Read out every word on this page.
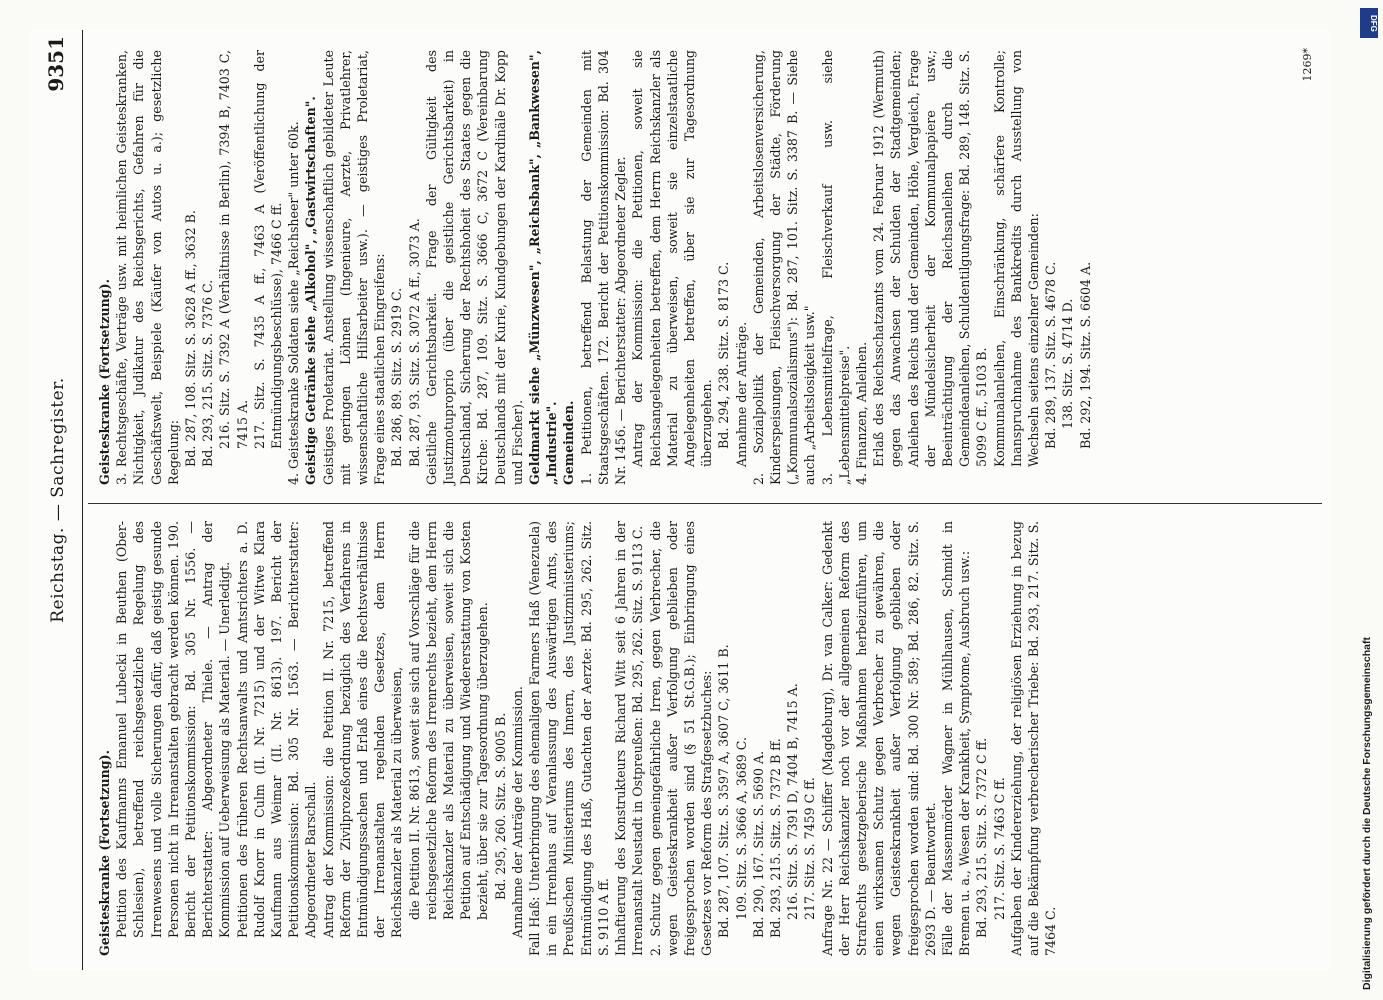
Reichstag. — Sachregister.
9351

Geisteskranke (Fortsetzung). Petition des Kaufmanns Emanuel Lubecki in Beuthen (Ober-Schlesien), betreffend reichsgesetzliche Regelung des Irrenwesens und volle Sicherungen dafür, daß geistig gesunde Personen nicht in Irrenanstalten gebracht werden können. 190. Bericht der Petitionskommission: Bd. 305 Nr. 1556. — Berichterstatter: Abgeordneter Thiele. — Antrag der Kommission auf Ueberweisung als Material. — Unerledigt. Petitionen des früheren Rechtsanwalts und Amtsrichters a. D. Rudolf Knorr in Culm (II. Nr. 7215) und der Witwe Klara Kaufmann aus Weimar (II. Nr. 8613). 197. Bericht der Petitionskommission: Bd. 305 Nr. 1563. — Berichterstatter: Abgeordneter Barschall. Antrag der Kommission: die Petition II. Nr. 7215, betreffend Reform der Zivilprozeßordnung bezüglich des Verfahrens in Entmündigungssachen und Erlaß eines die Rechtsverhältnisse der Irrenanstalten regelnden Gesetzes, dem Herrn Reichskanzler als Material zu überweisen, die Petition II. Nr. 8613, soweit sie sich auf Vorschläge für die reichsgesetzliche Reform des Irrenrechts bezieht, dem Herrn Reichskanzler als Material zu überweisen, soweit sich die Petition auf Entschädigung und Wiedererstattung von Kosten bezieht, über sie zur Tagesordnung überzugehen. Bd. 295, 260. Sitz. S. 9005 B. Annahme der Anträge der Kommission. Fall Haß: Unterbringung des ehemaligen Farmers Haß (Venezuela) in ein Irrenhaus auf Veranlassung des Auswärtigen Amts, des Preußischen Ministeriums des Innern, des Justizministeriums; Entmündigung des Haß, Gutachten der Aerzte: Bd. 295, 262. Sitz. S. 9110 A ff. Inhaftierung des Konstrukteurs Richard Witt seit 6 Jahren in der Irrenanstalt Neustadt in Ostpreußen: Bd. 295, 262. Sitz. S. 9113 C. 2. Schutz gegen gemeingefährliche Irren, gegen Verbrecher, die wegen Geisteskrankheit außer Verfolgung geblieben oder freigesprochen worden sind (§ 51 St.G.B.); Einbringung eines Gesetzes vor Reform des Strafgesetzbuches: Bd. 287, 107. Sitz. S. 3597 A, 3607 C, 3611 B. 109. Sitz. S. 3666 A, 3689 C. Bd. 290, 167. Sitz. S. 5690 A. Bd. 293, 215. Sitz. S. 7372 B ff. 216. Sitz. S. 7391 D, 7404 B, 7415 A. 217. Sitz. S. 7459 C ff. Anfrage Nr. 22 — Schiffer (Magdeburg), Dr. van Calker: Gedenkt der Herr Reichskanzler noch vor der allgemeinen Reform des Strafrechts gesetzgeberische Maßnahmen herbeizuführen, um einen wirksamen Schutz gegen Verbrecher zu gewähren, die wegen Geisteskrankheit außer Verfolgung geblieben oder freigesprochen worden sind: Bd. 300 Nr. 589; Bd. 286, 82. Sitz. S. 2693 D. — Beantwortet. Fälle der Massenmörder Wagner in Mühlhausen, Schmidt in Bremen u. a., Wesen der Krankheit, Symptome, Ausbruch usw.: Bd. 293, 215. Sitz. S. 7372 C ff. 217. Sitz. S. 7463 C ff. Aufgaben der Kindererziehung, der religiösen Erziehung in bezug auf die Bekämpfung verbrecherischer Triebe: Bd. 293, 217. Sitz. S. 7464 C.

Geisteskranke (Fortsetzung). 3. Rechtsgeschäfte, Verträge usw. mit heimlichen Geisteskranken, Nichtigkeit, Judikatur des Reichsgerichts, Gefahren für die Geschäftswelt, Beispiele (Käufer von Autos u. a.); gesetzliche Regelung: Bd. 287, 108. Sitz. S. 3628 A ff., 3632 B. Bd. 293, 215. Sitz. S. 7376 C. 216. Sitz. S. 7392 A (Verhältnisse in Berlin), 7394 B, 7403 C, 7415 A. 217. Sitz. S. 7435 A ff., 7463 A (Veröffentlichung der Entmündigungsbeschlüsse), 7466 C ff. 4. Geisteskranke Soldaten siehe „Reichsheer" unter 60k. Geistige Getränke siehe „Alkohol", „Gastwirtschaften". Geistiges Proletariat. Anstellung wissenschaftlich gebildeter Leute mit geringen Löhnen (Ingenieure, Aerzte, Privatlehrer, wissenschaftliche Hilfsarbeiter usw.). — geistiges Proletariat, Frage eines staatlichen Eingreifens: Bd. 286, 89. Sitz. S. 2919 C. Bd. 287, 93. Sitz. S. 3072 A ff., 3073 A. Geistliche Gerichtsbarkeit. Frage der Gültigkeit des Justizmotuproprio (über die geistliche Gerichtsbarkeit) in Deutschland, Sicherung der Rechtshoheit des Staates gegen die Kirche: Bd. 287, 109. Sitz. S. 3666 C, 3672 C (Vereinbarung Deutschlands mit der Kurie, Kundgebungen der Kardinäle Dr. Kopp und Fischer). Geldmarkt siehe „Münzwesen", „Reichsbank", „Bankwesen", „Industrie". Gemeinden. 1. Petitionen, betreffend Belastung der Gemeinden mit Staatsgeschäften. 172. Bericht der Petitionskommission: Bd. 304 Nr. 1456. — Berichterstatter: Abgeordneter Zegler. Antrag der Kommission: die Petitionen, soweit sie Reichsangelegenheiten betreffen, dem Herrn Reichskanzler als Material zu überweisen, soweit sie einzelstaatliche Angelegenheiten betreffen, über sie zur Tagesordnung überzugehen. Bd. 294, 238. Sitz. S. 8173 C. Annahme der Anträge. 2. Sozialpolitik der Gemeinden, Arbeitslosenversicherung, Kinderspeisungen, Fleischversorgung der Städte, Förderung („Kommunalsozialismus"): Bd. 287, 101. Sitz. S. 3387 B. — Siehe auch „Arbeitslosigkeit usw." 3. Lebensmittelfrage, Fleischverkauf usw. siehe „Lebensmittelpreise". 4. Finanzen, Anleihen. Erlaß des Reichsschatzamts vom 24. Februar 1912 (Wermuth) gegen das Anwachsen der Schulden der Stadtgemeinden; Anleihen des Reichs und der Gemeinden, Höhe, Vergleich, Frage der Mündelsicherheit der Kommunalpapiere usw.; Beeinträchtigung der Reichsanleihen durch die Gemeindeanleihen, Schuldentilgungsfrage: Bd. 289, 148. Sitz. S. 5099 C ff., 5103 B. Kommunalanleihen, Einschränkung, schärfere Kontrolle; Inanspruchnahme des Bankkredits durch Ausstellung von Wechseln seitens einzelner Gemeinden: Bd. 289, 137. Sitz. S. 4678 C. 138. Sitz. S. 4714 D. Bd. 292, 194. Sitz. S. 6604 A.

1269*
DFG
Digitalisierung gefördert durch die Deutsche Forschungsgemeinschaft
